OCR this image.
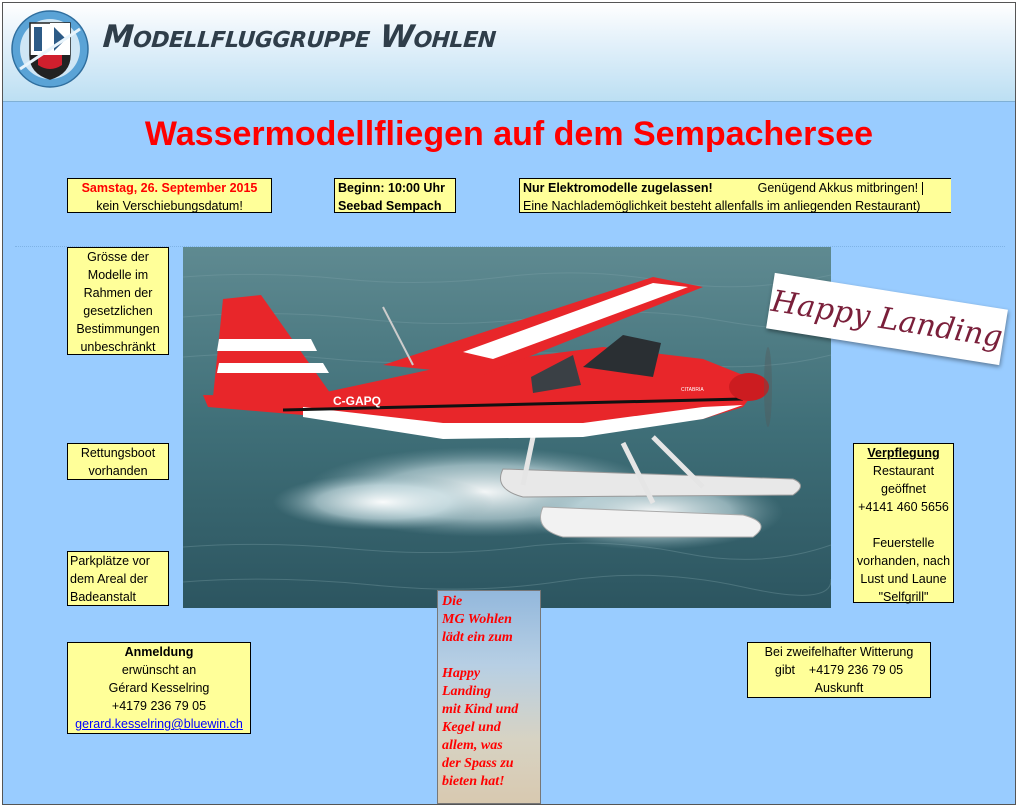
Modellfluggruppe Wohlen
Wassermodellfliegen auf dem Sempachersee
Samstag, 26. September 2015
kein Verschiebungsdatum!
Beginn: 10:00 Uhr
Seebad Sempach
Nur Elektromodelle zugelassen!	Genügend Akkus mitbringen!
Eine Nachlademöglichkeit besteht allenfalls im anliegenden Restaurant)
Grösse der
Modelle im
Rahmen der
gesetzlichen
Bestimmungen
unbeschränkt
Rettungsboot
vorhanden
Parkplätze vor
dem Areal der
Badeanstalt
C-GAPQ
CITABRIA
Happy Landing
Verpflegung
Restaurant
geöffnet
+4141 460 5656
Feuerstelle
vorhanden, nach
Lust und Laune
"Selfgrill"
Anmeldung
erwünscht an
Gérard Kesselring
+4179 236 79 05
gerard.kesselring@bluewin.ch
Bei zweifelhafter Witterung
gibt    +4179 236 79 05
Auskunft
Die
MG Wohlen
lädt ein zum
Happy
Landing
mit Kind und
Kegel und
allem, was
der Spass zu
bieten hat!
